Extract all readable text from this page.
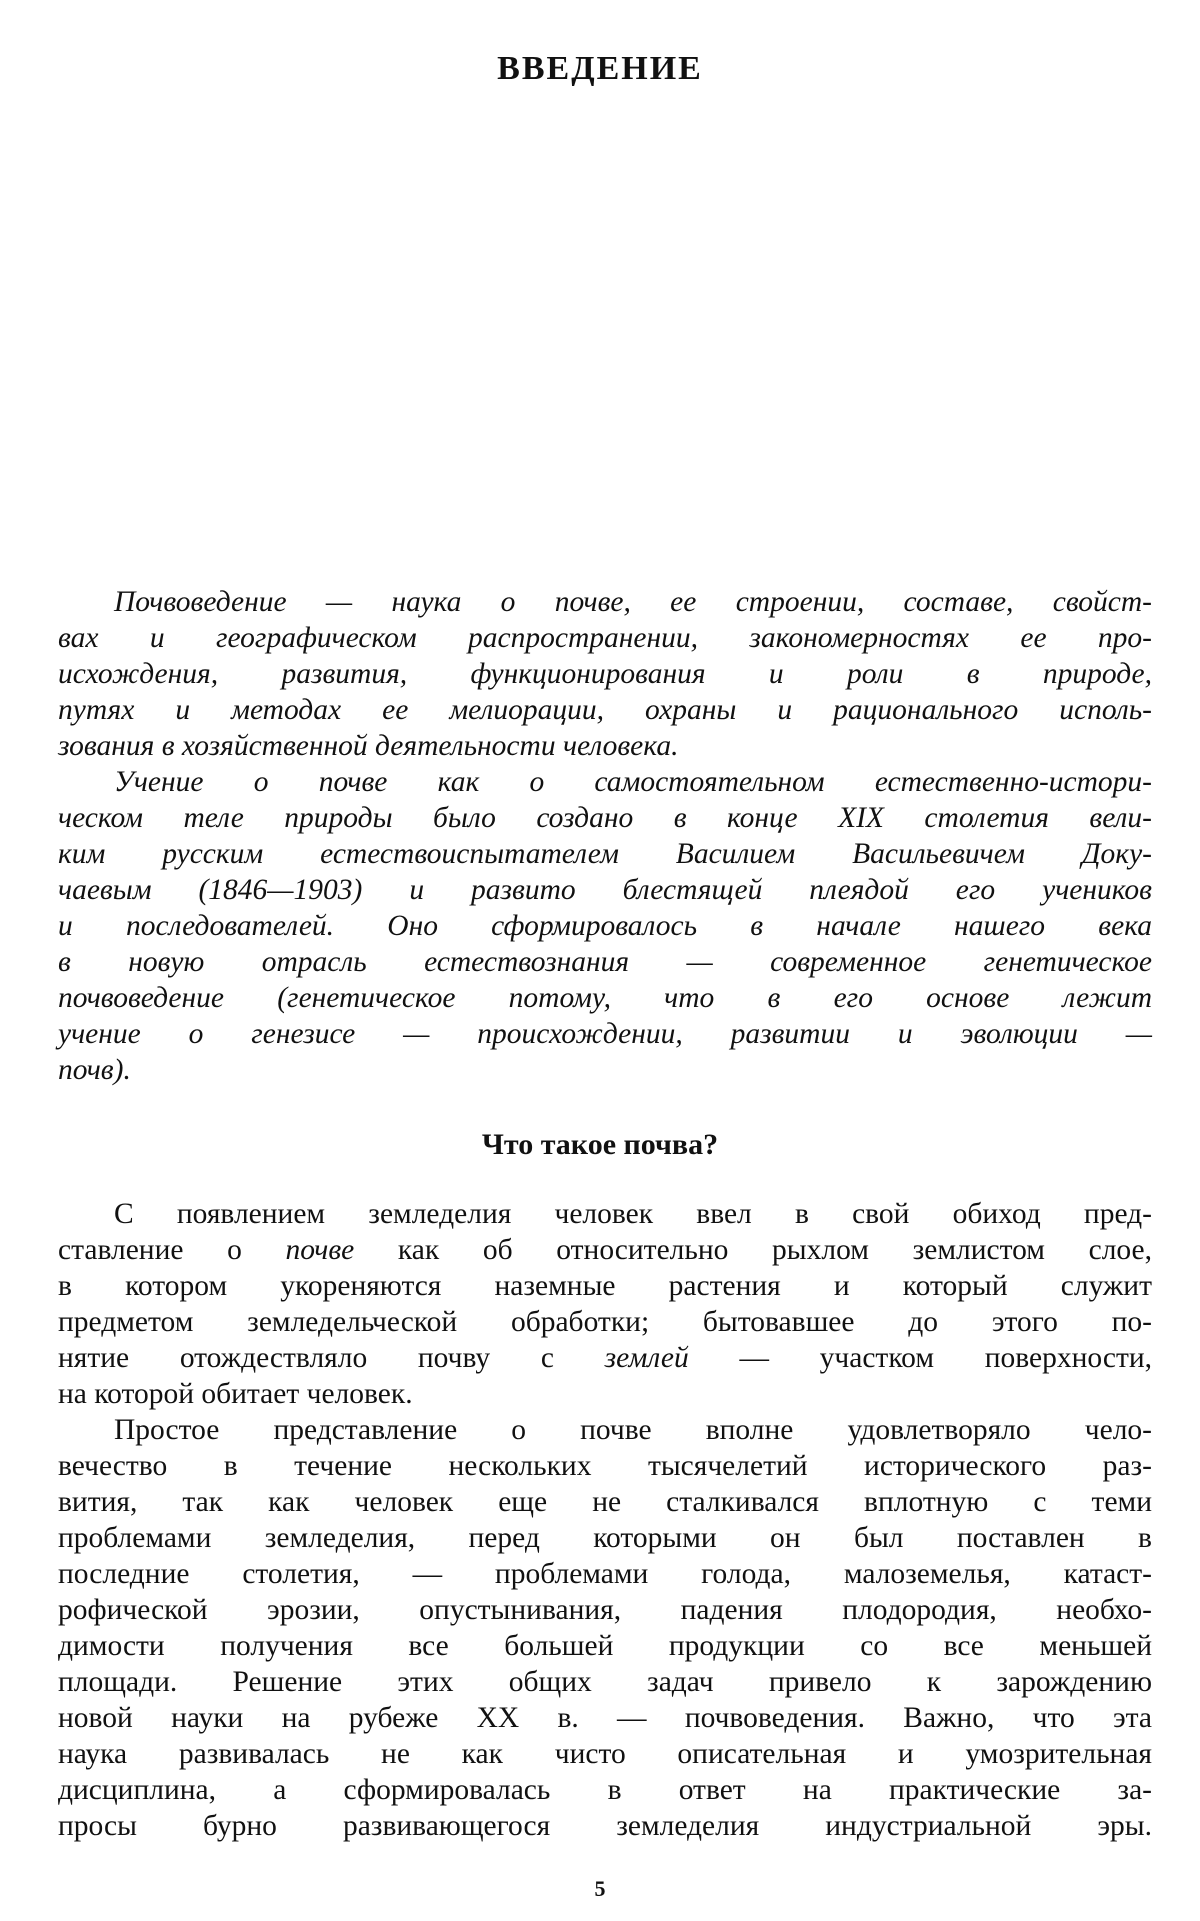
ВВЕДЕНИЕ

Почвоведение — наука о почве, ее строении, составе, свойст-
вах и географическом распространении, закономерностях ее про-
исхождения, развития, функционирования и роли в природе,
путях и методах ее мелиорации, охраны и рационального исполь-
зования в хозяйственной деятельности человека.

Учение о почве как о самостоятельном естественно-истори-
ческом теле природы было создано в конце XIX столетия вели-
ким русским естествоиспытателем Василием Васильевичем Доку-
чаевым (1846—1903) и развито блестящей плеядой его учеников
и последователей. Оно сформировалось в начале нашего века
в новую отрасль естествознания — современное генетическое
почвоведение (генетическое потому, что в его основе лежит
учение о генезисе — происхождении, развитии и эволюции —
почв).

Что такое почва?

С появлением земледелия человек ввел в свой обиход пред-
ставление о почве как об относительно рыхлом землистом слое,
в котором укореняются наземные растения и который служит
предметом земледельческой обработки; бытовавшее до этого по-
нятие отождествляло почву с землей — участком поверхности,
на которой обитает человек.

Простое представление о почве вполне удовлетворяло чело-
вечество в течение нескольких тысячелетий исторического раз-
вития, так как человек еще не сталкивался вплотную с теми
проблемами земледелия, перед которыми он был поставлен в
последние столетия, — проблемами голода, малоземелья, катаст-
рофической эрозии, опустынивания, падения плодородия, необхо-
димости получения все большей продукции со все меньшей
площади. Решение этих общих задач привело к зарождению
новой науки на рубеже XX в. — почвоведения. Важно, что эта
наука развивалась не как чисто описательная и умозрительная
дисциплина, а сформировалась в ответ на практические за-
просы бурно развивающегося земледелия индустриальной эры.

5
